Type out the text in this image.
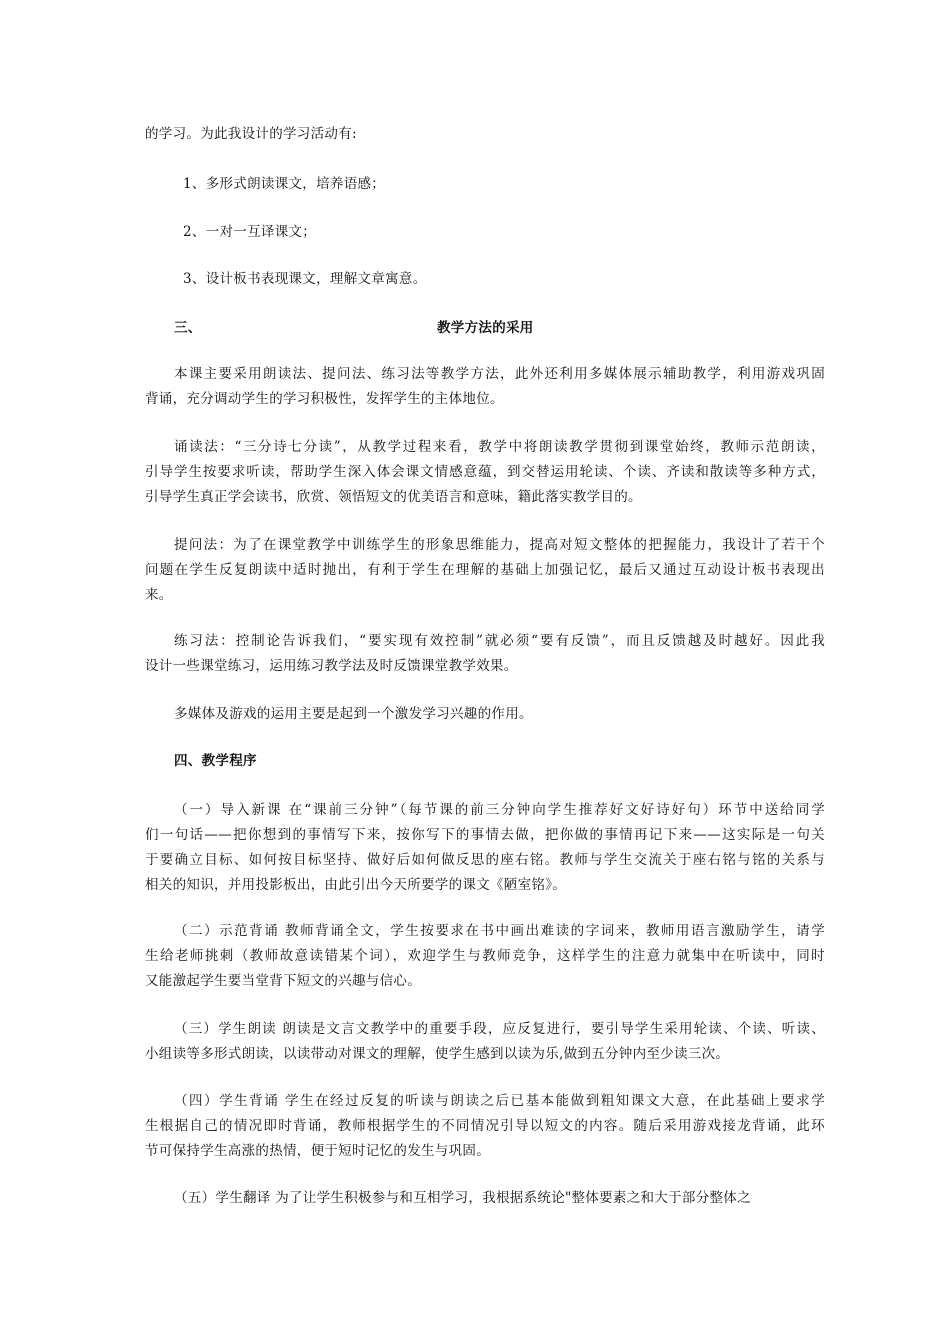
的学习。为此我设计的学习活动有:
1、多形式朗读课文，培养语感；
2、一对一互译课文；
3、设计板书表现课文，理解文章寓意。
三、	教学方法的采用
本课主要采用朗读法、提问法、练习法等教学方法，此外还利用多媒体展示辅助教学，利用游戏巩固
背诵，充分调动学生的学习积极性，发挥学生的主体地位。
诵读法：“三分诗七分读”，从教学过程来看，教学中将朗读教学贯彻到课堂始终，教师示范朗读，
引导学生按要求听读，帮助学生深入体会课文情感意蕴，到交替运用轮读、个读、齐读和散读等多种方式，
引导学生真正学会读书，欣赏、领悟短文的优美语言和意味，籍此落实教学目的。
提问法：为了在课堂教学中训练学生的形象思维能力，提高对短文整体的把握能力，我设计了若干个
问题在学生反复朗读中适时抛出，有利于学生在理解的基础上加强记忆，最后又通过互动设计板书表现出
来。
练习法：控制论告诉我们，“要实现有效控制”就必须“要有反馈”，而且反馈越及时越好。因此我
设计一些课堂练习，运用练习教学法及时反馈课堂教学效果。
多媒体及游戏的运用主要是起到一个激发学习兴趣的作用。
四、教学程序
（一）导入新课 在“课前三分钟”（每节课的前三分钟向学生推荐好文好诗好句）环节中送给同学
们一句话——把你想到的事情写下来，按你写下的事情去做，把你做的事情再记下来——这实际是一句关
于要确立目标、如何按目标坚持、做好后如何做反思的座右铭。教师与学生交流关于座右铭与铭的关系与
相关的知识，并用投影板出，由此引出今天所要学的课文《陋室铭》。
（二）示范背诵 教师背诵全文，学生按要求在书中画出难读的字词来，教师用语言激励学生，请学
生给老师挑刺（教师故意读错某个词），欢迎学生与教师竞争，这样学生的注意力就集中在听读中，同时
又能激起学生要当堂背下短文的兴趣与信心。
（三）学生朗读 朗读是文言文教学中的重要手段，应反复进行，要引导学生采用轮读、个读、听读、
小组读等多形式朗读，以读带动对课文的理解，使学生感到以读为乐,做到五分钟内至少读三次。
（四）学生背诵 学生在经过反复的听读与朗读之后已基本能做到粗知课文大意，在此基础上要求学
生根据自己的情况即时背诵，教师根据学生的不同情况引导以短文的内容。随后采用游戏接龙背诵，此环
节可保持学生高涨的热情，便于短时记忆的发生与巩固。
（五）学生翻译 为了让学生积极参与和互相学习，我根据系统论"整体要素之和大于部分整体之
